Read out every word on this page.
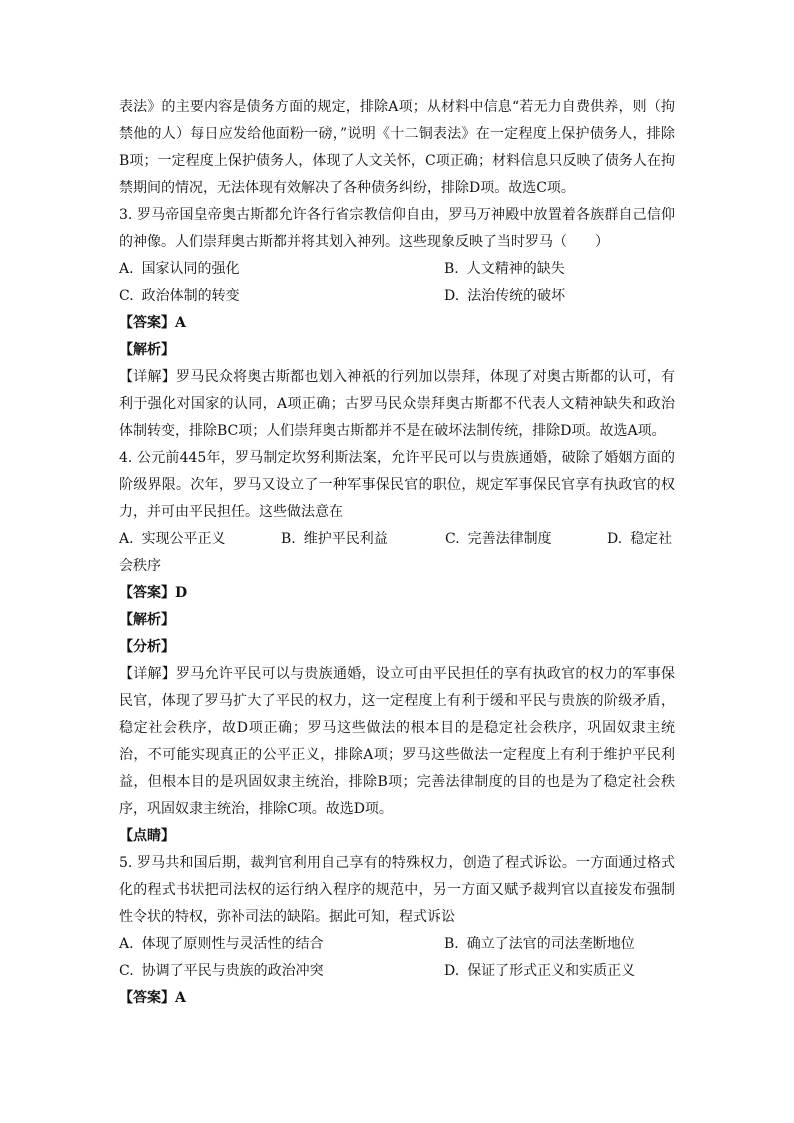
表法》的主要内容是债务方面的规定，排除A项；从材料中信息“若无力自费供养，则（拘禁他的人）每日应发给他面粉一磅，”说明《十二铜表法》在一定程度上保护债务人，排除B项；一定程度上保护债务人，体现了人文关怀，C项正确；材料信息只反映了债务人在拘禁期间的情况，无法体现有效解决了各种债务纠纷，排除D项。故选C项。

3. 罗马帝国皇帝奥古斯都允许各行省宗教信仰自由，罗马万神殿中放置着各族群自己信仰的神像。人们崇拜奥古斯都并将其划入神列。这些现象反映了当时罗马（　　）

A. 国家认同的强化	B. 人文精神的缺失
C. 政治体制的转变	D. 法治传统的破坏

【答案】A

【解析】

【详解】罗马民众将奥古斯都也划入神祇的行列加以崇拜，体现了对奥古斯都的认可，有利于强化对国家的认同，A项正确；古罗马民众崇拜奥古斯都不代表人文精神缺失和政治体制转变，排除BC项；人们崇拜奥古斯都并不是在破坏法制传统，排除D项。故选A项。

4. 公元前445年，罗马制定坎努利斯法案，允许平民可以与贵族通婚，破除了婚姻方面的阶级界限。次年，罗马又设立了一种军事保民官的职位，规定军事保民官享有执政官的权力，并可由平民担任。这些做法意在

A. 实现公平正义	B. 维护平民利益	C. 完善法律制度	D. 稳定社

会秩序

【答案】D

【解析】

【分析】

【详解】罗马允许平民可以与贵族通婚，设立可由平民担任的享有执政官的权力的军事保民官，体现了罗马扩大了平民的权力，这一定程度上有利于缓和平民与贵族的阶级矛盾，稳定社会秩序，故D项正确；罗马这些做法的根本目的是稳定社会秩序，巩固奴隶主统治，不可能实现真正的公平正义，排除A项；罗马这些做法一定程度上有利于维护平民利益，但根本目的是巩固奴隶主统治，排除B项；完善法律制度的目的也是为了稳定社会秩序，巩固奴隶主统治，排除C项。故选D项。

【点睛】

5. 罗马共和国后期，裁判官利用自己享有的特殊权力，创造了程式诉讼。一方面通过格式化的程式书状把司法权的运行纳入程序的规范中，另一方面又赋予裁判官以直接发布强制性令状的特权，弥补司法的缺陷。据此可知，程式诉讼

A. 体现了原则性与灵活性的结合	B. 确立了法官的司法垄断地位
C. 协调了平民与贵族的政治冲突	D. 保证了形式正义和实质正义

【答案】A
